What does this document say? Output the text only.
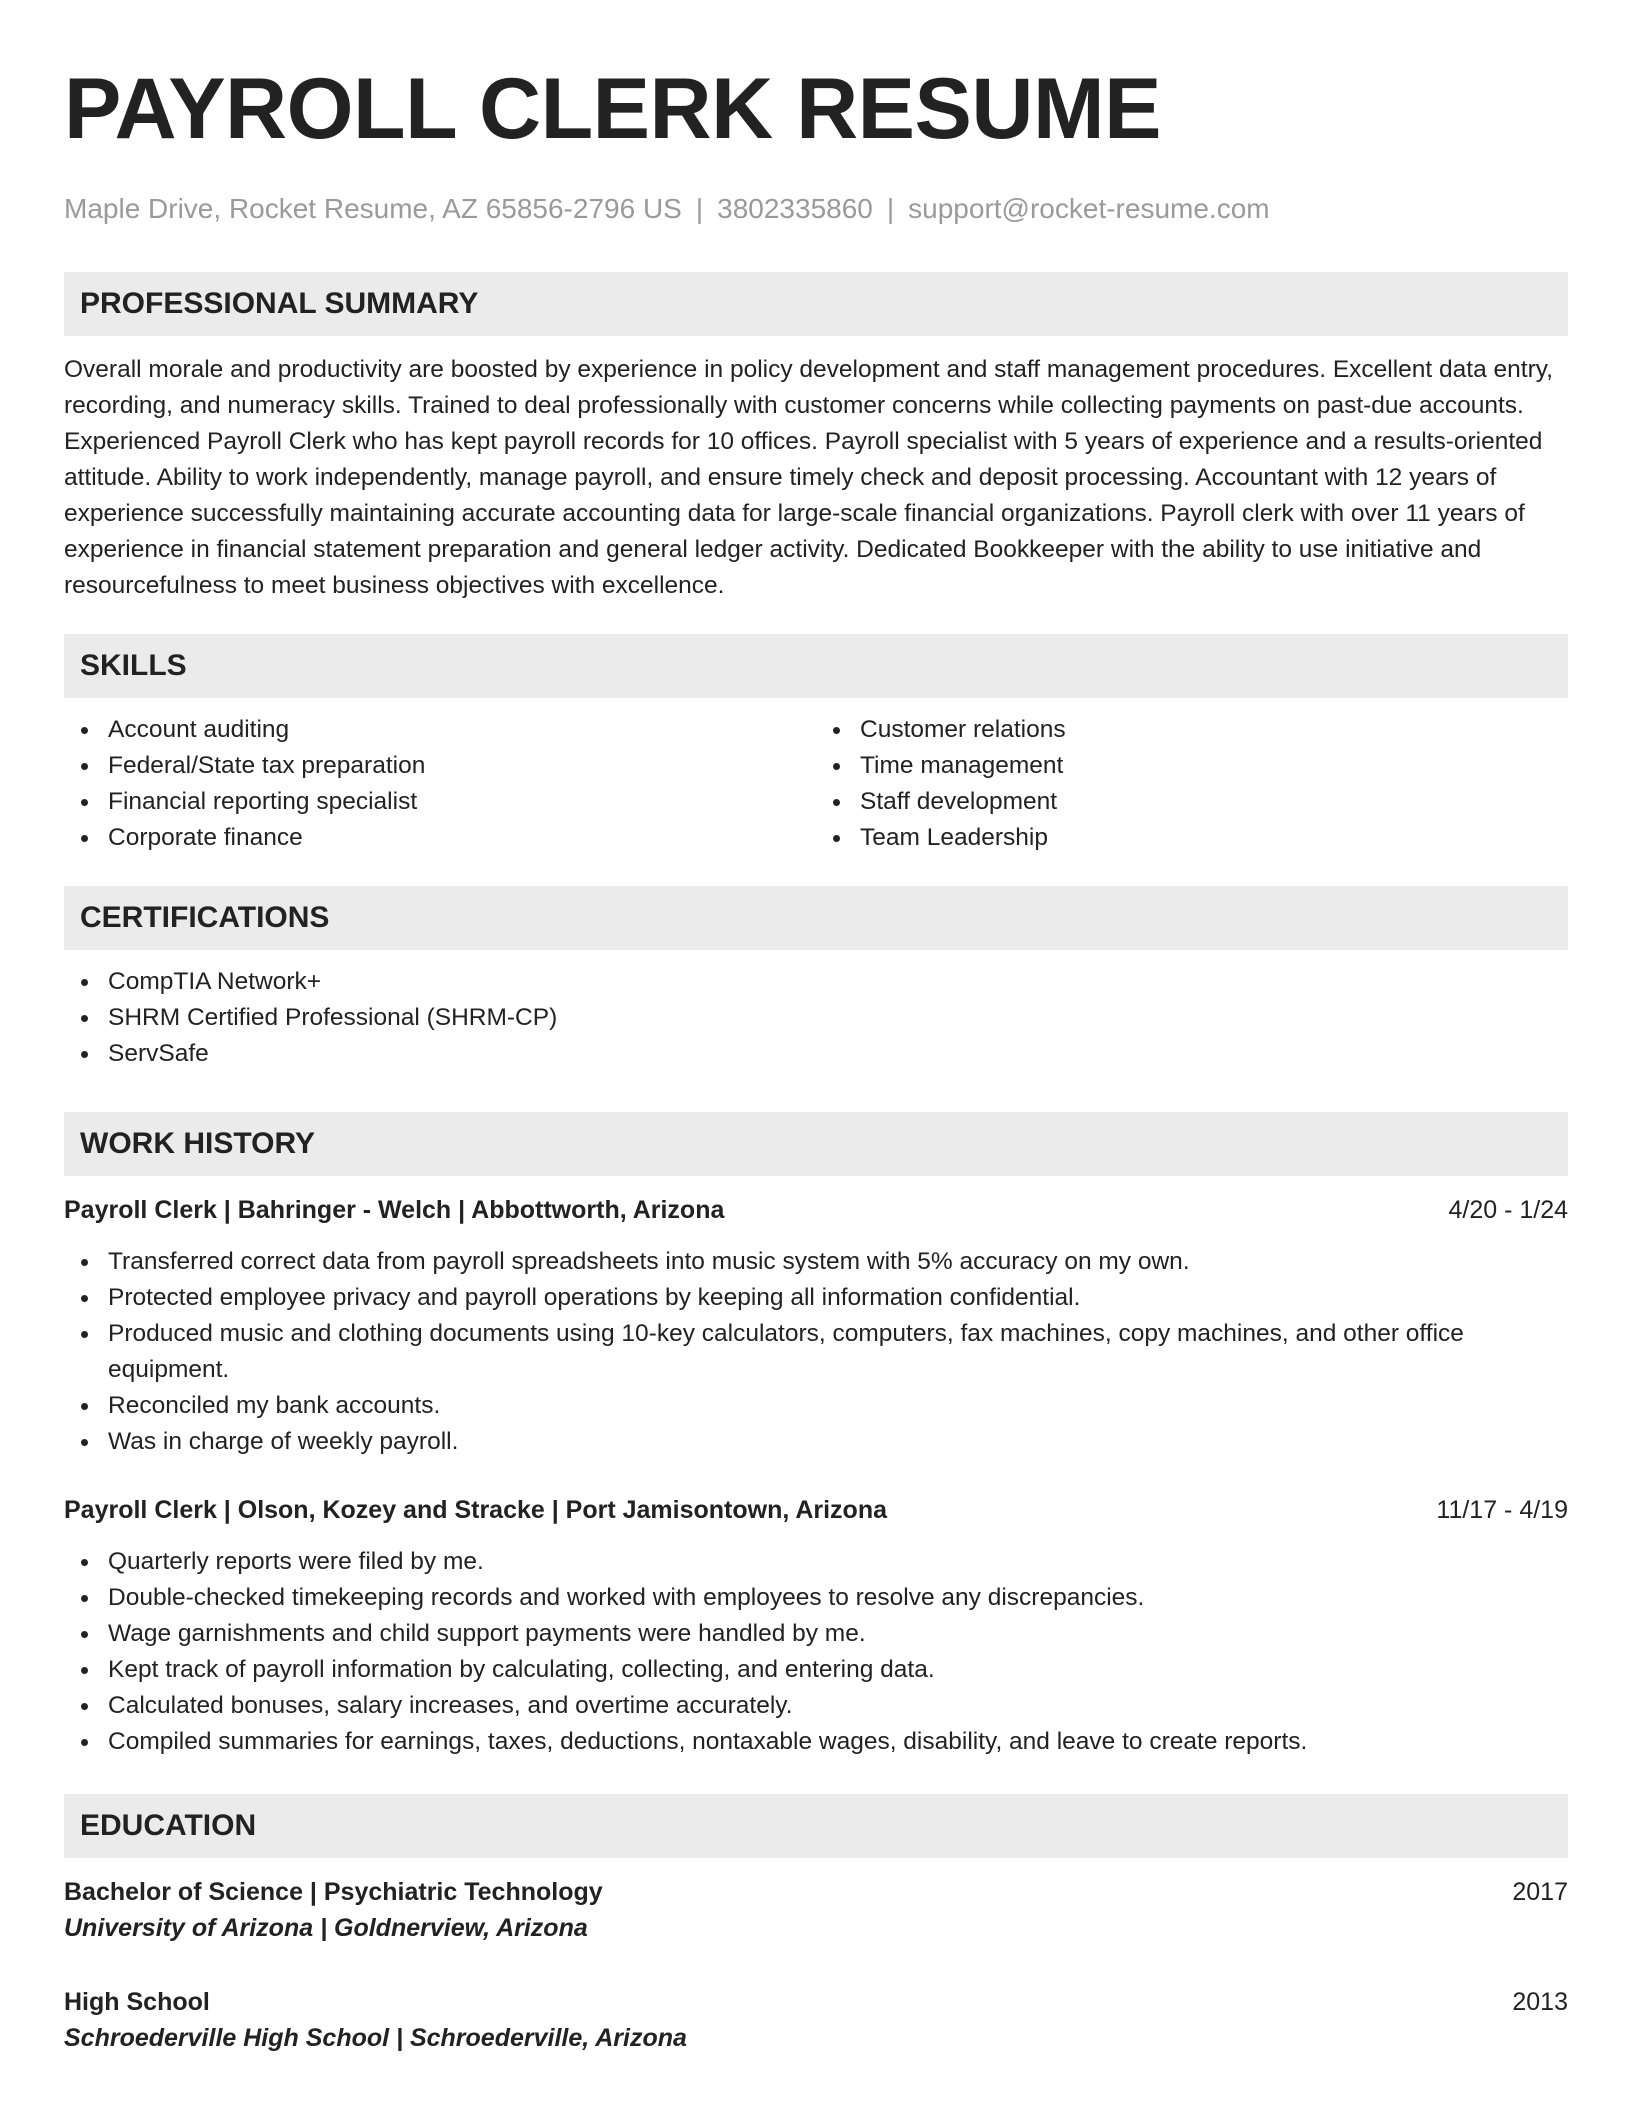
PAYROLL CLERK RESUME
Maple Drive, Rocket Resume, AZ 65856-2796 US | 3802335860 | support@rocket-resume.com
PROFESSIONAL SUMMARY

Overall morale and productivity are boosted by experience in policy development and staff management procedures. Excellent data entry, recording, and numeracy skills. Trained to deal professionally with customer concerns while collecting payments on past-due accounts. Experienced Payroll Clerk who has kept payroll records for 10 offices. Payroll specialist with 5 years of experience and a results-oriented attitude. Ability to work independently, manage payroll, and ensure timely check and deposit processing. Accountant with 12 years of experience successfully maintaining accurate accounting data for large-scale financial organizations. Payroll clerk with over 11 years of experience in financial statement preparation and general ledger activity. Dedicated Bookkeeper with the ability to use initiative and resourcefulness to meet business objectives with excellence.

SKILLS
Account auditing
Federal/State tax preparation
Financial reporting specialist
Corporate finance
Customer relations
Time management
Staff development
Team Leadership
CERTIFICATIONS
CompTIA Network+
SHRM Certified Professional (SHRM-CP)
ServSafe
WORK HISTORY
Payroll Clerk | Bahringer - Welch | Abbottworth, Arizona	4/20 - 1/24
Transferred correct data from payroll spreadsheets into music system with 5% accuracy on my own.
Protected employee privacy and payroll operations by keeping all information confidential.
Produced music and clothing documents using 10-key calculators, computers, fax machines, copy machines, and other office equipment.
Reconciled my bank accounts.
Was in charge of weekly payroll.
Payroll Clerk | Olson, Kozey and Stracke | Port Jamisontown, Arizona	11/17 - 4/19
Quarterly reports were filed by me.
Double-checked timekeeping records and worked with employees to resolve any discrepancies.
Wage garnishments and child support payments were handled by me.
Kept track of payroll information by calculating, collecting, and entering data.
Calculated bonuses, salary increases, and overtime accurately.
Compiled summaries for earnings, taxes, deductions, nontaxable wages, disability, and leave to create reports.
EDUCATION
Bachelor of Science | Psychiatric Technology	2017
University of Arizona | Goldnerview, Arizona
High School	2013
Schroederville High School | Schroederville, Arizona
